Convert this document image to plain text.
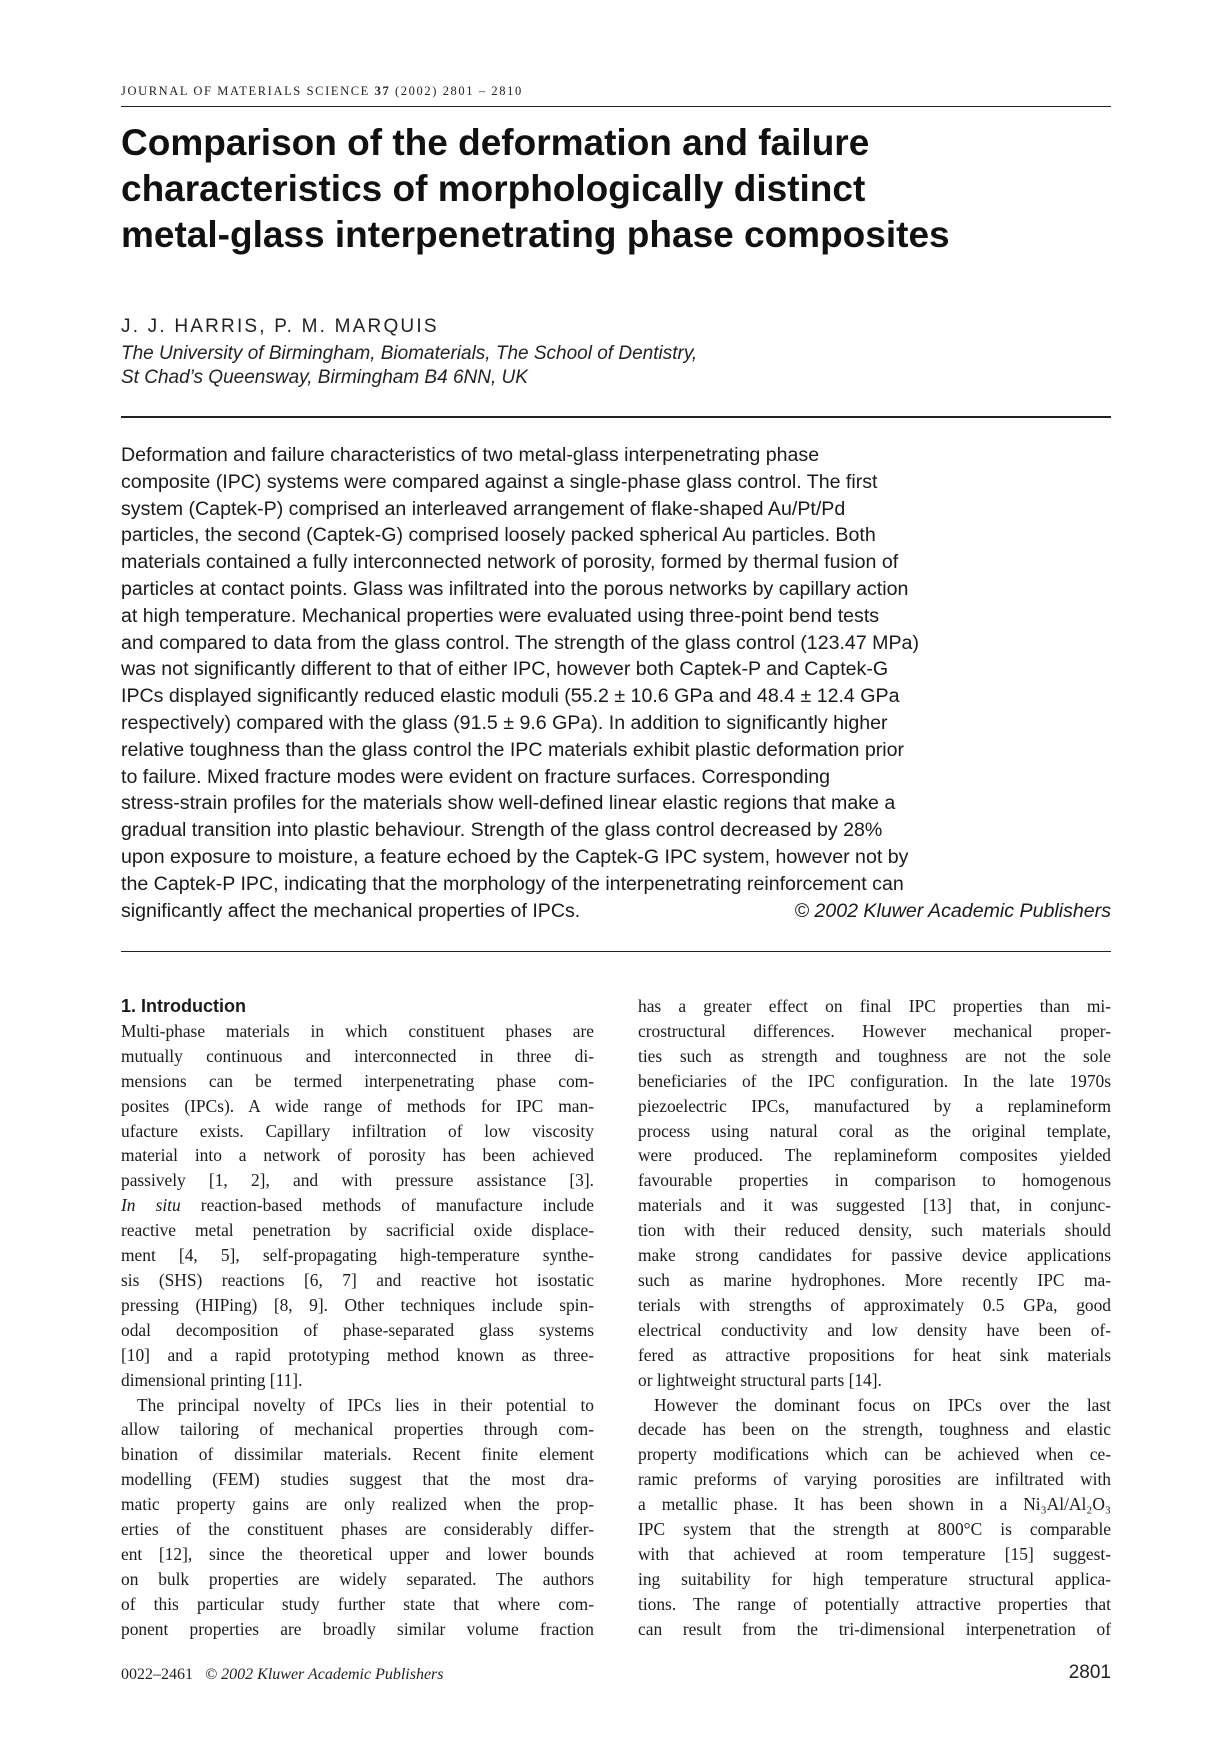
JOURNAL OF MATERIALS SCIENCE 37 (2002) 2801 – 2810
Comparison of the deformation and failure
characteristics of morphologically distinct
metal-glass interpenetrating phase composites
J. J. HARRIS, P. M. MARQUIS
The University of Birmingham, Biomaterials, The School of Dentistry,
St Chad’s Queensway, Birmingham B4 6NN, UK
Deformation and failure characteristics of two metal-glass interpenetrating phase
composite (IPC) systems were compared against a single-phase glass control. The first
system (Captek-P) comprised an interleaved arrangement of flake-shaped Au/Pt/Pd
particles, the second (Captek-G) comprised loosely packed spherical Au particles. Both
materials contained a fully interconnected network of porosity, formed by thermal fusion of
particles at contact points. Glass was infiltrated into the porous networks by capillary action
at high temperature. Mechanical properties were evaluated using three-point bend tests
and compared to data from the glass control. The strength of the glass control (123.47 MPa)
was not significantly different to that of either IPC, however both Captek-P and Captek-G
IPCs displayed significantly reduced elastic moduli (55.2 ± 10.6 GPa and 48.4 ± 12.4 GPa
respectively) compared with the glass (91.5 ± 9.6 GPa). In addition to significantly higher
relative toughness than the glass control the IPC materials exhibit plastic deformation prior
to failure. Mixed fracture modes were evident on fracture surfaces. Corresponding
stress-strain profiles for the materials show well-defined linear elastic regions that make a
gradual transition into plastic behaviour. Strength of the glass control decreased by 28%
upon exposure to moisture, a feature echoed by the Captek-G IPC system, however not by
the Captek-P IPC, indicating that the morphology of the interpenetrating reinforcement can
significantly affect the mechanical properties of IPCs.	© 2002 Kluwer Academic Publishers
1. Introduction
Multi-phase materials in which constituent phases are
mutually continuous and interconnected in three di-
mensions can be termed interpenetrating phase com-
posites (IPCs). A wide range of methods for IPC man-
ufacture exists. Capillary infiltration of low viscosity
material into a network of porosity has been achieved
passively [1, 2], and with pressure assistance [3].
In situ reaction-based methods of manufacture include
reactive metal penetration by sacrificial oxide displace-
ment [4, 5], self-propagating high-temperature synthe-
sis (SHS) reactions [6, 7] and reactive hot isostatic
pressing (HIPing) [8, 9]. Other techniques include spin-
odal decomposition of phase-separated glass systems
[10] and a rapid prototyping method known as three-
dimensional printing [11].
The principal novelty of IPCs lies in their potential to
allow tailoring of mechanical properties through com-
bination of dissimilar materials. Recent finite element
modelling (FEM) studies suggest that the most dra-
matic property gains are only realized when the prop-
erties of the constituent phases are considerably differ-
ent [12], since the theoretical upper and lower bounds
on bulk properties are widely separated. The authors
of this particular study further state that where com-
ponent properties are broadly similar volume fraction
has a greater effect on final IPC properties than mi-
crostructural differences. However mechanical proper-
ties such as strength and toughness are not the sole
beneficiaries of the IPC configuration. In the late 1970s
piezoelectric IPCs, manufactured by a replamineform
process using natural coral as the original template,
were produced. The replamineform composites yielded
favourable properties in comparison to homogenous
materials and it was suggested [13] that, in conjunc-
tion with their reduced density, such materials should
make strong candidates for passive device applications
such as marine hydrophones. More recently IPC ma-
terials with strengths of approximately 0.5 GPa, good
electrical conductivity and low density have been of-
fered as attractive propositions for heat sink materials
or lightweight structural parts [14].
However the dominant focus on IPCs over the last
decade has been on the strength, toughness and elastic
property modifications which can be achieved when ce-
ramic preforms of varying porosities are infiltrated with
a metallic phase. It has been shown in a Ni₃Al/Al₂O₃
IPC system that the strength at 800°C is comparable
with that achieved at room temperature [15] suggest-
ing suitability for high temperature structural applica-
tions. The range of potentially attractive properties that
can result from the tri-dimensional interpenetration of
0022–2461 © 2002 Kluwer Academic Publishers	2801
